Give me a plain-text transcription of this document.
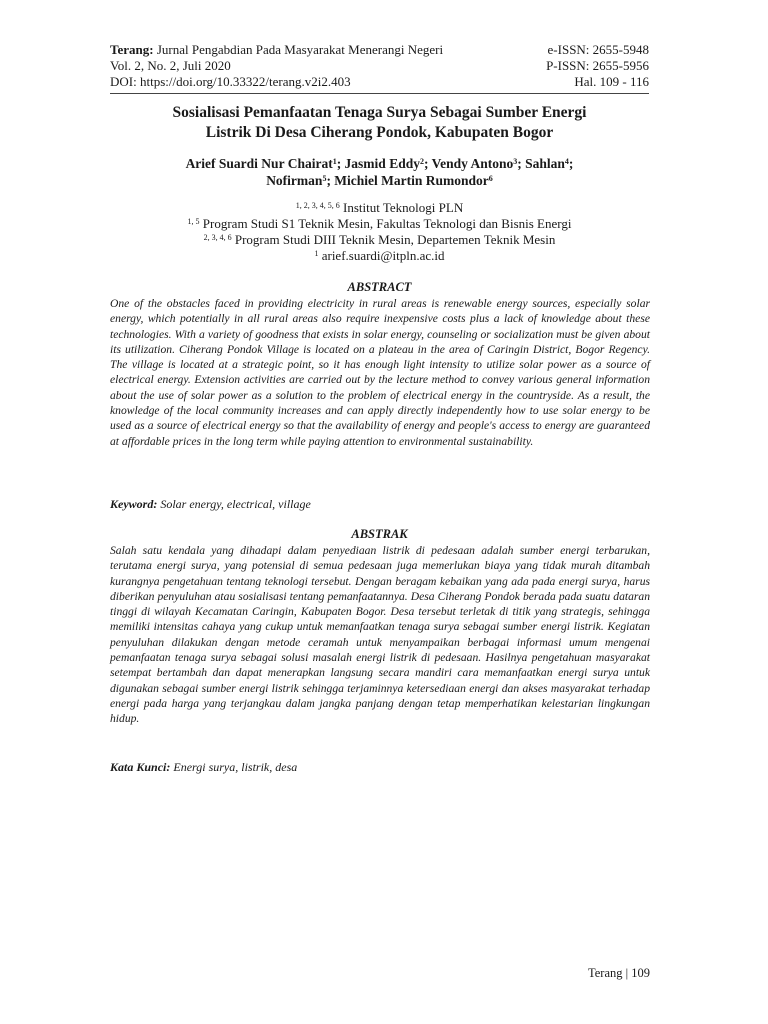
Terang: Jurnal Pengabdian Pada Masyarakat Menerangi Negeri	e-ISSN: 2655-5948
Vol. 2, No. 2, Juli 2020	P-ISSN: 2655-5956
DOI: https://doi.org/10.33322/terang.v2i2.403	Hal. 109 - 116
Sosialisasi Pemanfaatan Tenaga Surya Sebagai Sumber Energi
Listrik Di Desa Ciherang Pondok, Kabupaten Bogor
Arief Suardi Nur Chairat$^1$; Jasmid Eddy$^2$; Vendy Antono$^3$; Sahlan$^4$;
Nofirman$^5$; Michiel Martin Rumondor$^6$
$^{1, 2, 3, 4, 5, 6}$ Institut Teknologi PLN
$^{1, 5}$ Program Studi S1 Teknik Mesin, Fakultas Teknologi dan Bisnis Energi
$^{2, 3, 4, 6}$ Program Studi DIII Teknik Mesin, Departemen Teknik Mesin
$^1$ arief.suardi@itpln.ac.id
ABSTRACT
One of the obstacles faced in providing electricity in rural areas is renewable energy sources, especially solar energy, which potentially in all rural areas also require inexpensive costs plus a lack of knowledge about these technologies. With a variety of goodness that exists in solar energy, counseling or socialization must be given about its utilization. Ciherang Pondok Village is located on a plateau in the area of Caringin District, Bogor Regency. The village is located at a strategic point, so it has enough light intensity to utilize solar power as a source of electrical energy. Extension activities are carried out by the lecture method to convey various general information about the use of solar power as a solution to the problem of electrical energy in the countryside. As a result, the knowledge of the local community increases and can apply directly independently how to use solar energy to be used as a source of electrical energy so that the availability of energy and people's access to energy are guaranteed at affordable prices in the long term while paying attention to environmental sustainability.
Keyword: Solar energy, electrical, village
ABSTRAK
Salah satu kendala yang dihadapi dalam penyediaan listrik di pedesaan adalah sumber energi terbarukan, terutama energi surya, yang potensial di semua pedesaan juga memerlukan biaya yang tidak murah ditambah kurangnya pengetahuan tentang teknologi tersebut. Dengan beragam kebaikan yang ada pada energi surya, harus diberikan penyuluhan atau sosialisasi tentang pemanfaatannya. Desa Ciherang Pondok berada pada suatu dataran tinggi di wilayah Kecamatan Caringin, Kabupaten Bogor. Desa tersebut terletak di titik yang strategis, sehingga memiliki intensitas cahaya yang cukup untuk memanfaatkan tenaga surya sebagai sumber energi listrik. Kegiatan penyuluhan dilakukan dengan metode ceramah untuk menyampaikan berbagai informasi umum mengenai pemanfaatan tenaga surya sebagai solusi masalah energi listrik di pedesaan. Hasilnya pengetahuan masyarakat setempat bertambah dan dapat menerapkan langsung secara mandiri cara memanfaatkan energi surya untuk digunakan sebagai sumber energi listrik sehingga terjaminnya ketersediaan energi dan akses masyarakat terhadap energi pada harga yang terjangkau dalam jangka panjang dengan tetap memperhatikan kelestarian lingkungan hidup.
Kata Kunci: Energi surya, listrik, desa
Terang | 109
